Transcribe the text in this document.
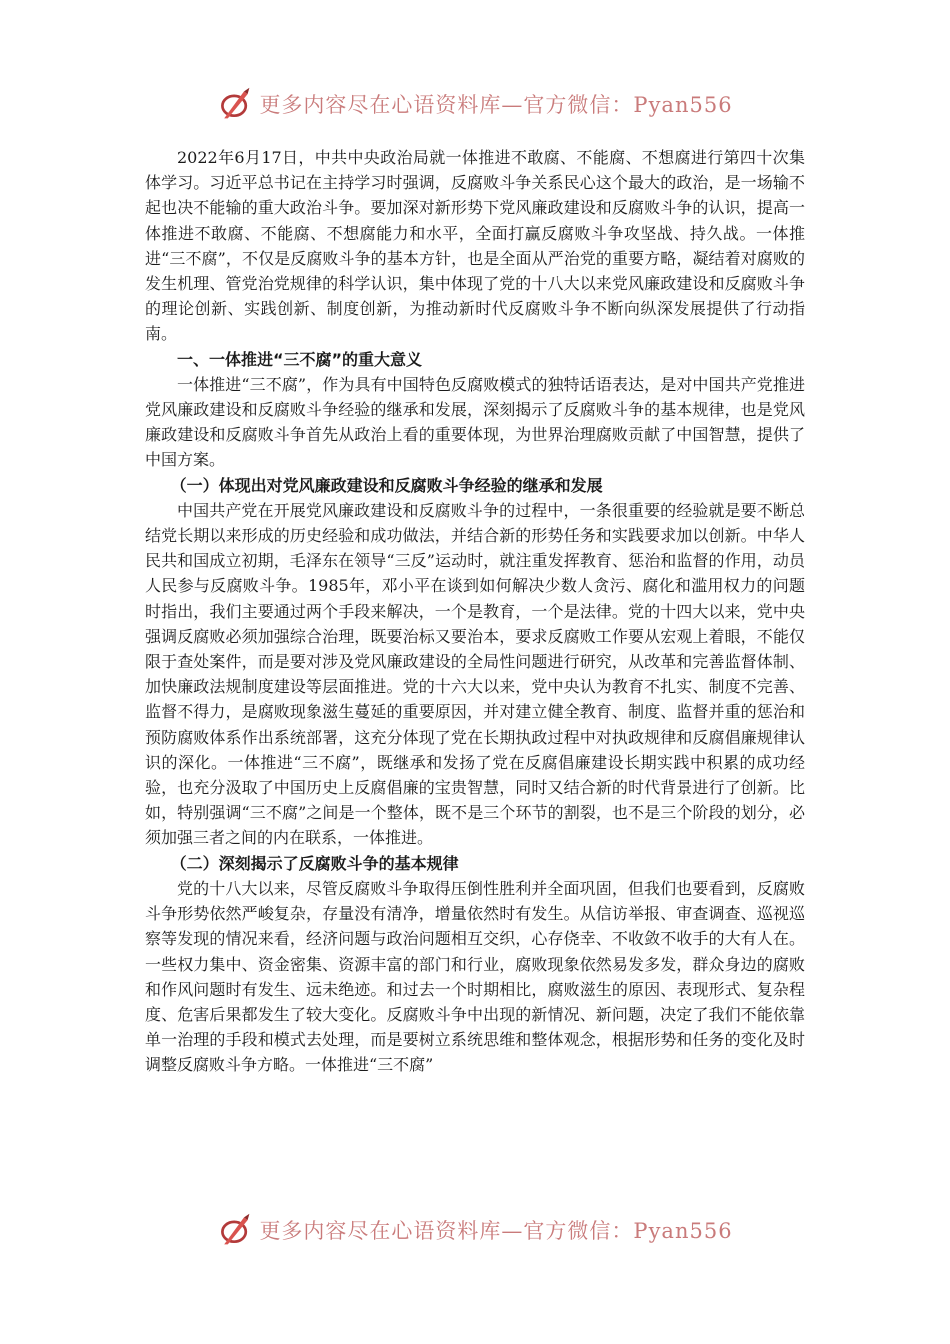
更多内容尽在心语资料库—官方微信：Pyan556

2022年6月17日，中共中央政治局就一体推进不敢腐、不能腐、不想腐进行第四十次集体学习。习近平总书记在主持学习时强调，反腐败斗争关系民心这个最大的政治，是一场输不起也决不能输的重大政治斗争。要加深对新形势下党风廉政建设和反腐败斗争的认识，提高一体推进不敢腐、不能腐、不想腐能力和水平，全面打赢反腐败斗争攻坚战、持久战。一体推进“三不腐”，不仅是反腐败斗争的基本方针，也是全面从严治党的重要方略，凝结着对腐败的发生机理、管党治党规律的科学认识，集中体现了党的十八大以来党风廉政建设和反腐败斗争的理论创新、实践创新、制度创新，为推动新时代反腐败斗争不断向纵深发展提供了行动指南。

一、一体推进“三不腐”的重大意义

一体推进“三不腐”，作为具有中国特色反腐败模式的独特话语表达，是对中国共产党推进党风廉政建设和反腐败斗争经验的继承和发展，深刻揭示了反腐败斗争的基本规律，也是党风廉政建设和反腐败斗争首先从政治上看的重要体现，为世界治理腐败贡献了中国智慧，提供了中国方案。

（一）体现出对党风廉政建设和反腐败斗争经验的继承和发展

中国共产党在开展党风廉政建设和反腐败斗争的过程中，一条很重要的经验就是要不断总结党长期以来形成的历史经验和成功做法，并结合新的形势任务和实践要求加以创新。中华人民共和国成立初期，毛泽东在领导“三反”运动时，就注重发挥教育、惩治和监督的作用，动员人民参与反腐败斗争。1985年，邓小平在谈到如何解决少数人贪污、腐化和滥用权力的问题时指出，我们主要通过两个手段来解决，一个是教育，一个是法律。党的十四大以来，党中央强调反腐败必须加强综合治理，既要治标又要治本，要求反腐败工作要从宏观上着眼，不能仅限于查处案件，而是要对涉及党风廉政建设的全局性问题进行研究，从改革和完善监督体制、加快廉政法规制度建设等层面推进。党的十六大以来，党中央认为教育不扎实、制度不完善、监督不得力，是腐败现象滋生蔓延的重要原因，并对建立健全教育、制度、监督并重的惩治和预防腐败体系作出系统部署，这充分体现了党在长期执政过程中对执政规律和反腐倡廉规律认识的深化。一体推进“三不腐”，既继承和发扬了党在反腐倡廉建设长期实践中积累的成功经验，也充分汲取了中国历史上反腐倡廉的宝贵智慧，同时又结合新的时代背景进行了创新。比如，特别强调“三不腐”之间是一个整体，既不是三个环节的割裂，也不是三个阶段的划分，必须加强三者之间的内在联系，一体推进。

（二）深刻揭示了反腐败斗争的基本规律

党的十八大以来，尽管反腐败斗争取得压倒性胜利并全面巩固，但我们也要看到，反腐败斗争形势依然严峻复杂，存量没有清净，增量依然时有发生。从信访举报、审查调查、巡视巡察等发现的情况来看，经济问题与政治问题相互交织，心存侥幸、不收敛不收手的大有人在。一些权力集中、资金密集、资源丰富的部门和行业，腐败现象依然易发多发，群众身边的腐败和作风问题时有发生、远未绝迹。和过去一个时期相比，腐败滋生的原因、表现形式、复杂程度、危害后果都发生了较大变化。反腐败斗争中出现的新情况、新问题，决定了我们不能依靠单一治理的手段和模式去处理，而是要树立系统思维和整体观念，根据形势和任务的变化及时调整反腐败斗争方略。一体推进“三不腐”

更多内容尽在心语资料库—官方微信：Pyan556
